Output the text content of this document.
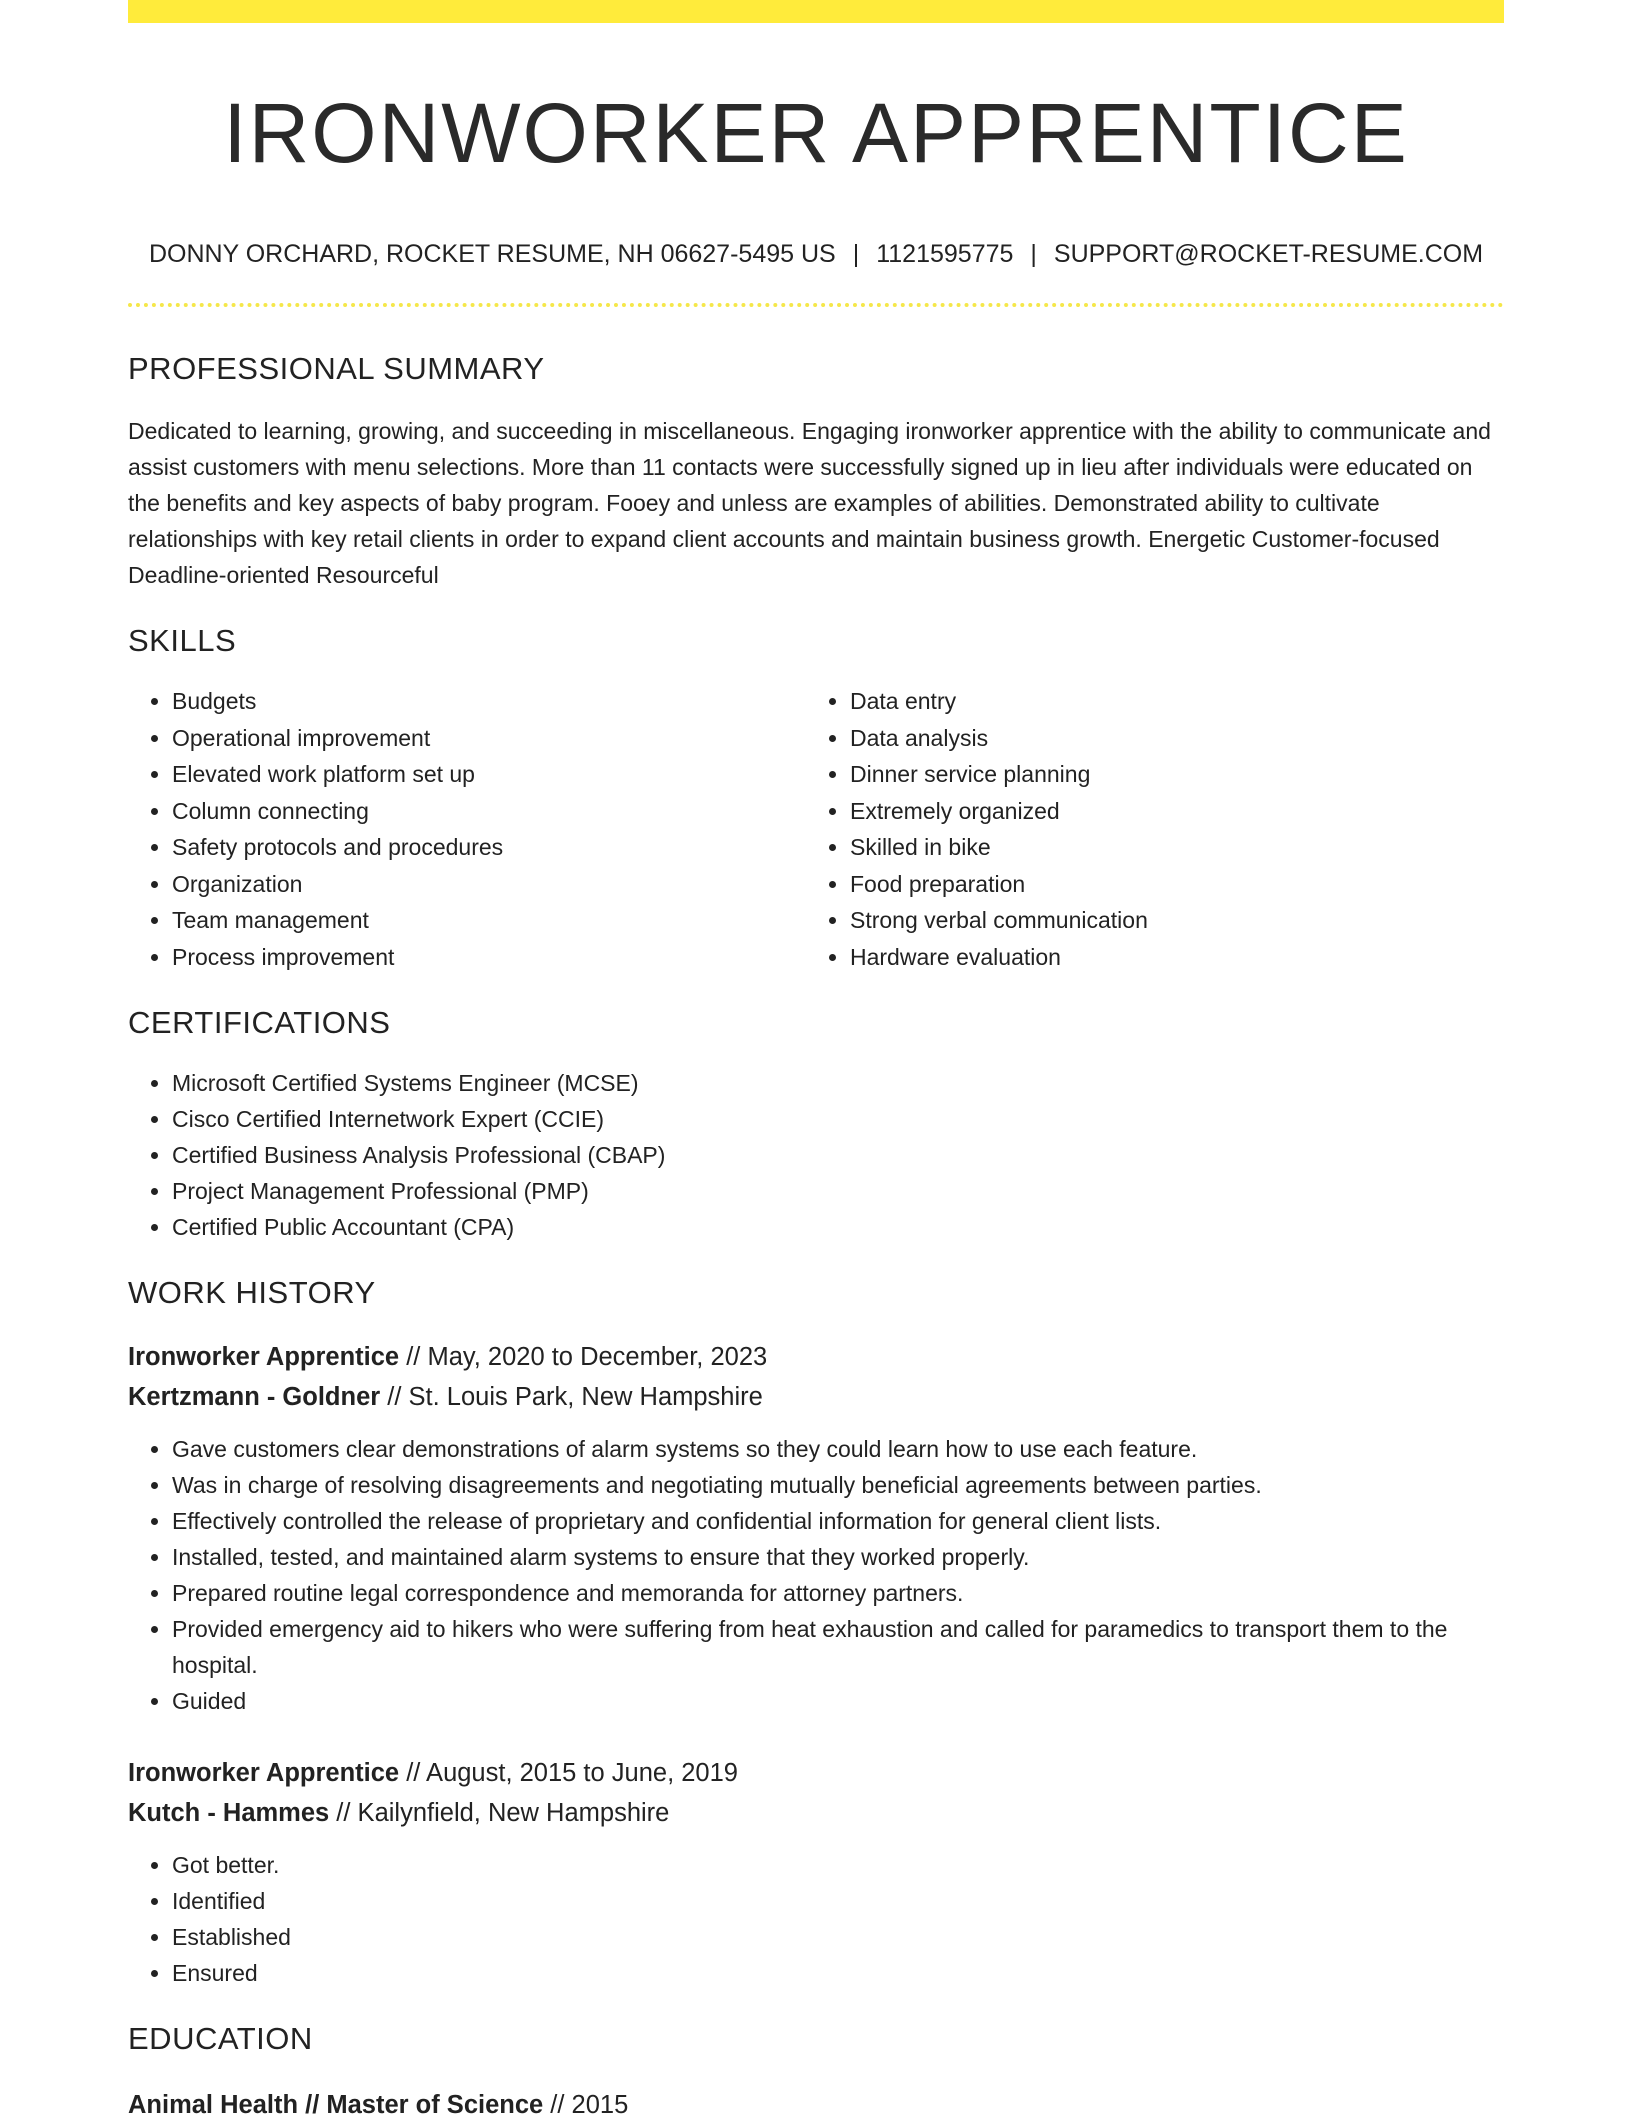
IRONWORKER APPRENTICE
DONNY ORCHARD, ROCKET RESUME, NH 06627-5495 US | 1121595775 | SUPPORT@ROCKET-RESUME.COM
PROFESSIONAL SUMMARY
Dedicated to learning, growing, and succeeding in miscellaneous. Engaging ironworker apprentice with the ability to communicate and assist customers with menu selections. More than 11 contacts were successfully signed up in lieu after individuals were educated on the benefits and key aspects of baby program. Fooey and unless are examples of abilities. Demonstrated ability to cultivate relationships with key retail clients in order to expand client accounts and maintain business growth. Energetic Customer-focused Deadline-oriented Resourceful
SKILLS
• Budgets
• Operational improvement
• Elevated work platform set up
• Column connecting
• Safety protocols and procedures
• Organization
• Team management
• Process improvement
• Data entry
• Data analysis
• Dinner service planning
• Extremely organized
• Skilled in bike
• Food preparation
• Strong verbal communication
• Hardware evaluation
CERTIFICATIONS
• Microsoft Certified Systems Engineer (MCSE)
• Cisco Certified Internetwork Expert (CCIE)
• Certified Business Analysis Professional (CBAP)
• Project Management Professional (PMP)
• Certified Public Accountant (CPA)
WORK HISTORY
Ironworker Apprentice // May, 2020 to December, 2023
Kertzmann - Goldner // St. Louis Park, New Hampshire
• Gave customers clear demonstrations of alarm systems so they could learn how to use each feature.
• Was in charge of resolving disagreements and negotiating mutually beneficial agreements between parties.
• Effectively controlled the release of proprietary and confidential information for general client lists.
• Installed, tested, and maintained alarm systems to ensure that they worked properly.
• Prepared routine legal correspondence and memoranda for attorney partners.
• Provided emergency aid to hikers who were suffering from heat exhaustion and called for paramedics to transport them to the hospital.
• Guided
Ironworker Apprentice // August, 2015 to June, 2019
Kutch - Hammes // Kailynfield, New Hampshire
• Got better.
• Identified
• Established
• Ensured
EDUCATION
Animal Health // Master of Science // 2015
